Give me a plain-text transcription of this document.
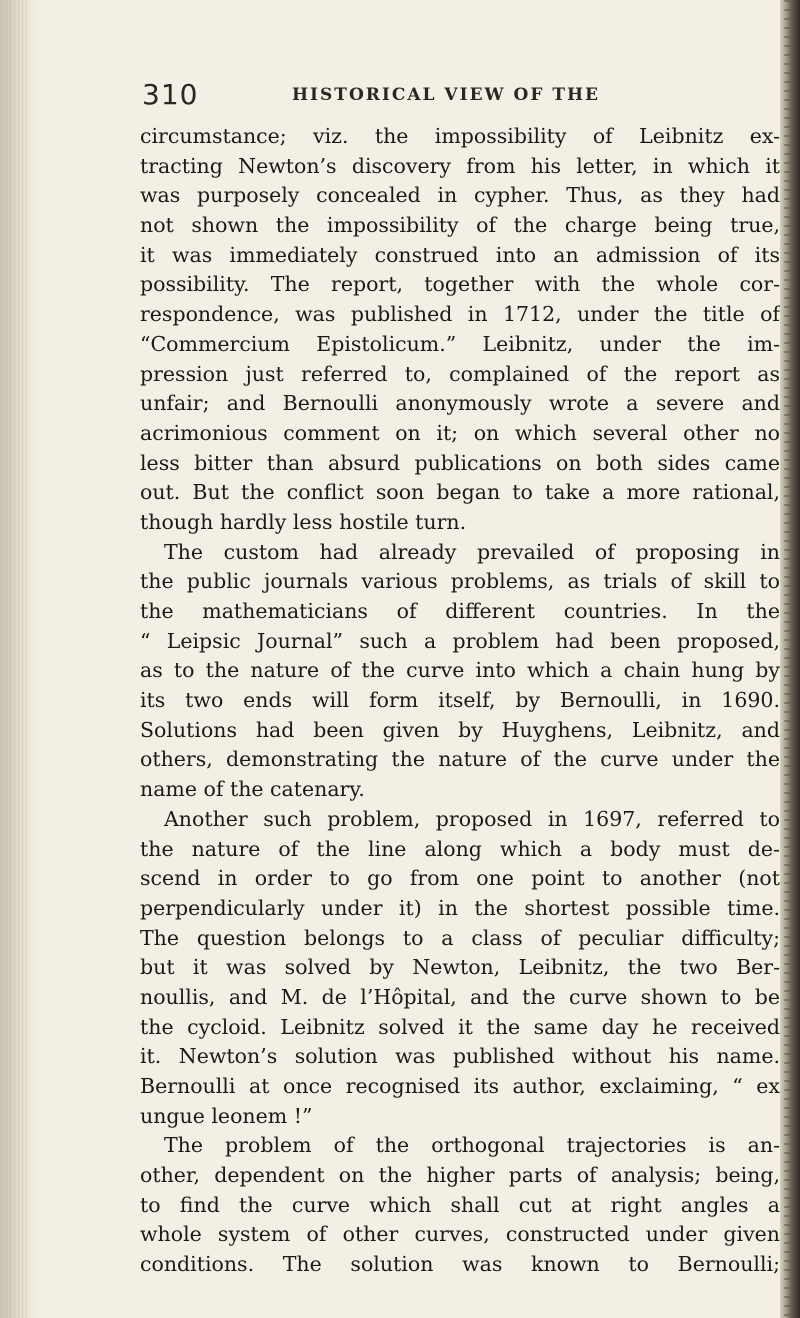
310	HISTORICAL VIEW OF THE
circumstance; viz. the impossibility of Leibnitz ex-
tracting Newton’s discovery from his letter, in which it
was purposely concealed in cypher. Thus, as they had
not shown the impossibility of the charge being true,
it was immediately construed into an admission of its
possibility. The report, together with the whole cor-
respondence, was published in 1712, under the title of
“Commercium Epistolicum.” Leibnitz, under the im-
pression just referred to, complained of the report as
unfair; and Bernoulli anonymously wrote a severe and
acrimonious comment on it; on which several other no
less bitter than absurd publications on both sides came
out. But the conflict soon began to take a more rational,
though hardly less hostile turn.
The custom had already prevailed of proposing in
the public journals various problems, as trials of skill to
the mathematicians of different countries. In the
“ Leipsic Journal” such a problem had been proposed,
as to the nature of the curve into which a chain hung by
its two ends will form itself, by Bernoulli, in 1690.
Solutions had been given by Huyghens, Leibnitz, and
others, demonstrating the nature of the curve under the
name of the catenary.
Another such problem, proposed in 1697, referred to
the nature of the line along which a body must de-
scend in order to go from one point to another (not
perpendicularly under it) in the shortest possible time.
The question belongs to a class of peculiar difficulty;
but it was solved by Newton, Leibnitz, the two Ber-
noullis, and M. de l’Hôpital, and the curve shown to be
the cycloid. Leibnitz solved it the same day he received
it. Newton’s solution was published without his name.
Bernoulli at once recognised its author, exclaiming, “ ex
ungue leonem !”
The problem of the orthogonal trajectories is an-
other, dependent on the higher parts of analysis; being,
to find the curve which shall cut at right angles a
whole system of other curves, constructed under given
conditions. The solution was known to Bernoulli;
